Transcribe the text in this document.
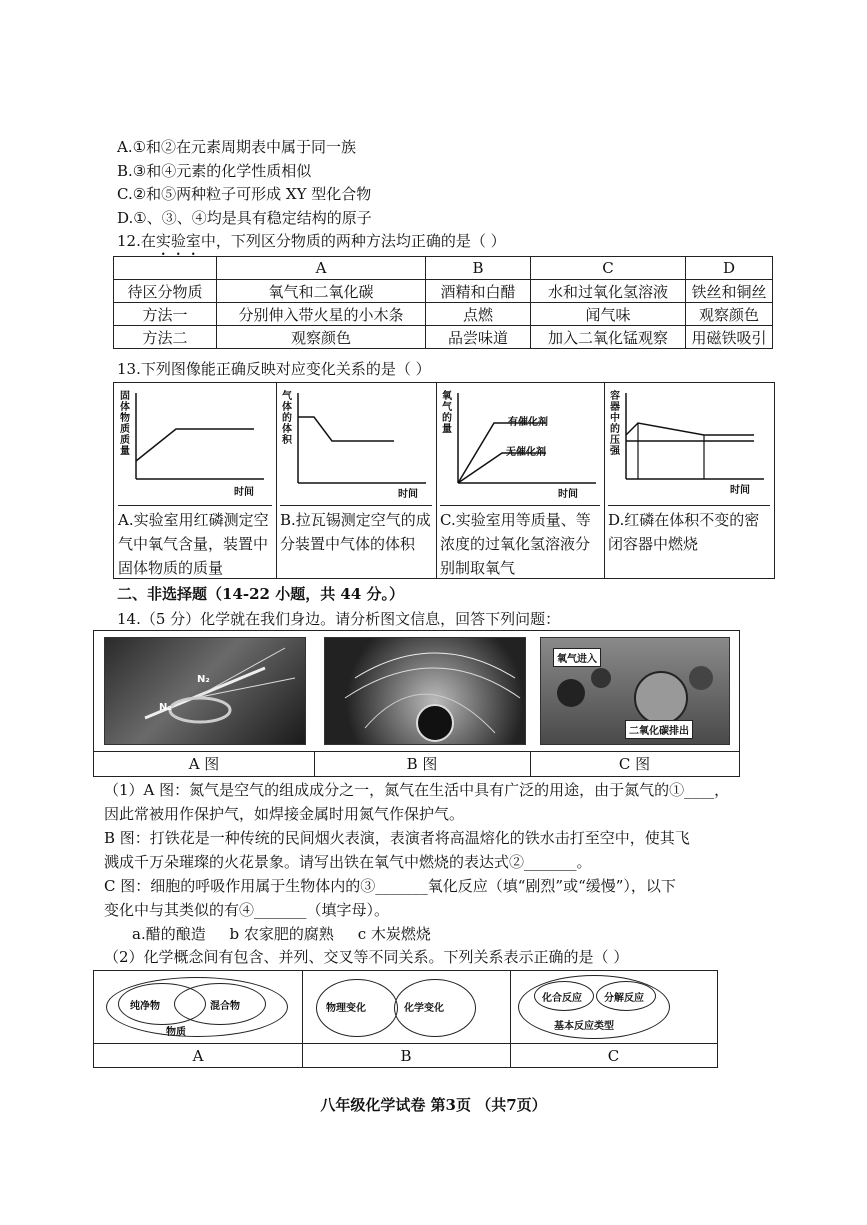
A.①和②在元素周期表中属于同一族
B.③和④元素的化学性质相似
C.②和⑤两种粒子可形成 XY 型化合物
D.①、③、④均是具有稳定结构的原子
12.在实验室中，下列区分物质的两种方法均正确的是（ ）
	A	B	C	D
待区分物质	氧气和二氧化碳	酒精和白醋	水和过氧化氢溶液	铁丝和铜丝
方法一	分别伸入带火星的小木条	点燃	闻气味	观察颜色
方法二	观察颜色	品尝味道	加入二氧化锰观察	用磁铁吸引
13.下列图像能正确反映对应变化关系的是（ ）
固体物质质量
时间
A.实验室用红磷测定空气中氧气含量，装置中固体物质的质量
气体的体积
时间
B.拉瓦锡测定空气的成分装置中气体的体积
氧气的量
有催化剂
无催化剂
时间
C.实验室用等质量、等浓度的过氧化氢溶液分别制取氧气
容器中的压强
时间
D.红磷在体积不变的密闭容器中燃烧
二、非选择题（14-22 小题，共 44 分。）
14.（5 分）化学就在我们身边。请分析图文信息，回答下列问题：
N₂
N₂
氧气进入
二氧化碳排出
A 图	B 图	C 图
（1）A 图：氮气是空气的组成成分之一，氮气在生活中具有广泛的用途，由于氮气的①____，
因此常被用作保护气，如焊接金属时用氮气作保护气。
B 图：打铁花是一种传统的民间烟火表演，表演者将高温熔化的铁水击打至空中，使其飞
溅成千万朵璀璨的火花景象。请写出铁在氧气中燃烧的表达式②_______。
C 图：细胞的呼吸作用属于生物体内的③_______氧化反应（填“剧烈”或“缓慢”），以下
变化中与其类似的有④_______（填字母）。
a.醋的酿造     b 农家肥的腐熟     c 木炭燃烧
（2）化学概念间有包含、并列、交叉等不同关系。下列关系表示正确的是（ ）
纯净物	混合物
物质
A
物理变化	化学变化
B
化合反应 分解反应
基本反应类型
C
八年级化学试卷 第3页 （共7页）
